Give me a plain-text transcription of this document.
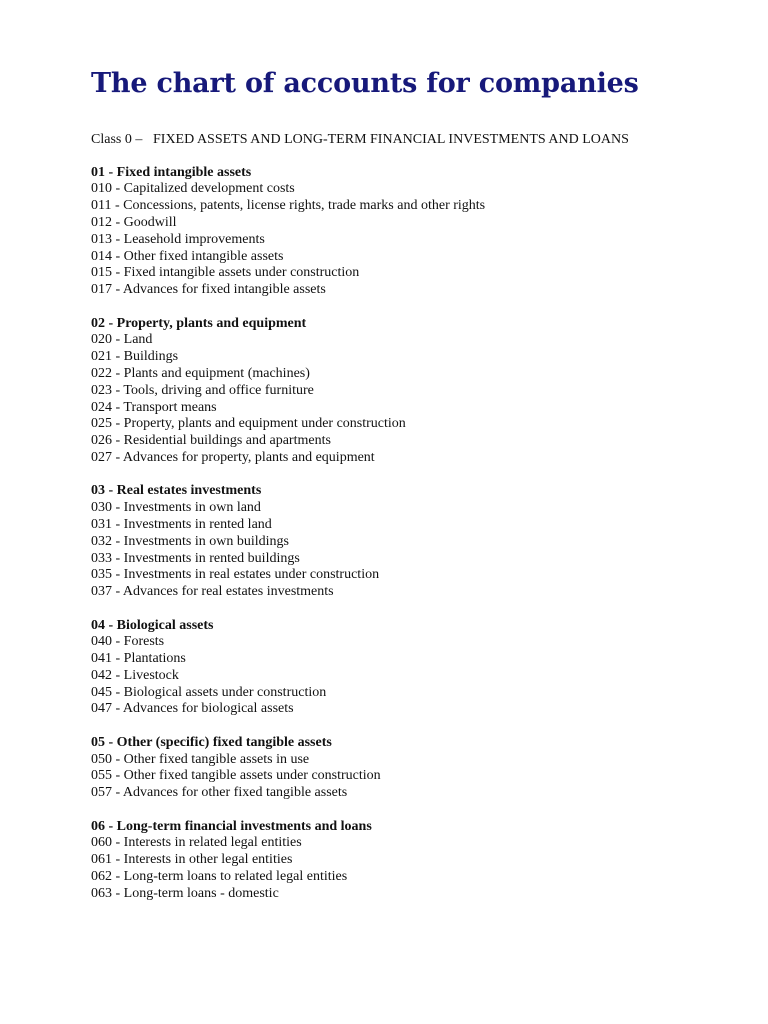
The chart of accounts for companies
Class 0 – FIXED ASSETS AND LONG-TERM FINANCIAL INVESTMENTS AND LOANS
01 - Fixed intangible assets
010 - Capitalized development costs
011 - Concessions, patents, license rights, trade marks and other rights
012 - Goodwill
013 - Leasehold improvements
014 - Other fixed intangible assets
015 - Fixed intangible assets under construction
017 - Advances for fixed intangible assets
02 - Property, plants and equipment
020 - Land
021 - Buildings
022 - Plants and equipment (machines)
023 - Tools, driving and office furniture
024 - Transport means
025 - Property, plants and equipment under construction
026 - Residential buildings and apartments
027 - Advances for property, plants and equipment
03 - Real estates investments
030 - Investments in own land
031 - Investments in rented land
032 - Investments in own buildings
033 - Investments in rented buildings
035 - Investments in real estates under construction
037 - Advances for real estates investments
04 - Biological assets
040 - Forests
041 - Plantations
042 - Livestock
045 - Biological assets under construction
047 - Advances for biological assets
05 - Other (specific) fixed tangible assets
050 - Other fixed tangible assets in use
055 - Other fixed tangible assets under construction
057 - Advances for other fixed tangible assets
06 - Long-term financial investments and loans
060 - Interests in related legal entities
061 - Interests in other legal entities
062 - Long-term loans to related legal entities
063 - Long-term loans - domestic
